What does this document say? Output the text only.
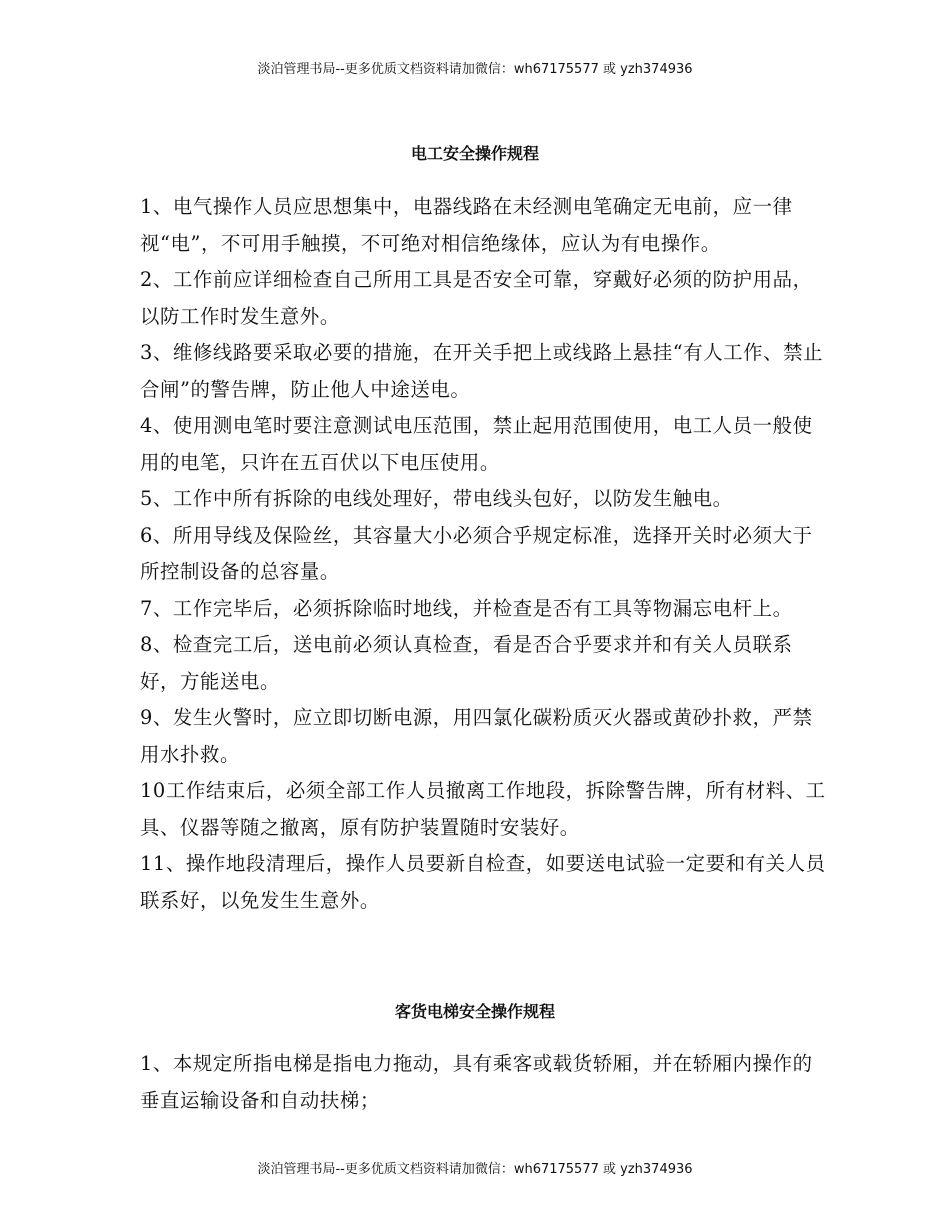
淡泊管理书局--更多优质文档资料请加微信：wh67175577 或 yzh374936
电工安全操作规程

1、电气操作人员应思想集中，电器线路在未经测电笔确定无电前，应一律视“电”，不可用手触摸，不可绝对相信绝缘体，应认为有电操作。

2、工作前应详细检查自己所用工具是否安全可靠，穿戴好必须的防护用品，以防工作时发生意外。

3、维修线路要采取必要的措施，在开关手把上或线路上悬挂“有人工作、禁止合闸”的警告牌，防止他人中途送电。

4、使用测电笔时要注意测试电压范围，禁止起用范围使用，电工人员一般使用的电笔，只许在五百伏以下电压使用。

5、工作中所有拆除的电线处理好，带电线头包好，以防发生触电。

6、所用导线及保险丝，其容量大小必须合乎规定标准，选择开关时必须大于所控制设备的总容量。

7、工作完毕后，必须拆除临时地线，并检查是否有工具等物漏忘电杆上。

8、检查完工后，送电前必须认真检查，看是否合乎要求并和有关人员联系好，方能送电。

9、发生火警时，应立即切断电源，用四氯化碳粉质灭火器或黄砂扑救，严禁用水扑救。

10工作结束后，必须全部工作人员撤离工作地段，拆除警告牌，所有材料、工具、仪器等随之撤离，原有防护装置随时安装好。

11、操作地段清理后，操作人员要新自检查，如要送电试验一定要和有关人员联系好，以免发生生意外。

客货电梯安全操作规程

1、本规定所指电梯是指电力拖动，具有乘客或载货轿厢，并在轿厢内操作的垂直运输设备和自动扶梯；

淡泊管理书局--更多优质文档资料请加微信：wh67175577 或 yzh374936
